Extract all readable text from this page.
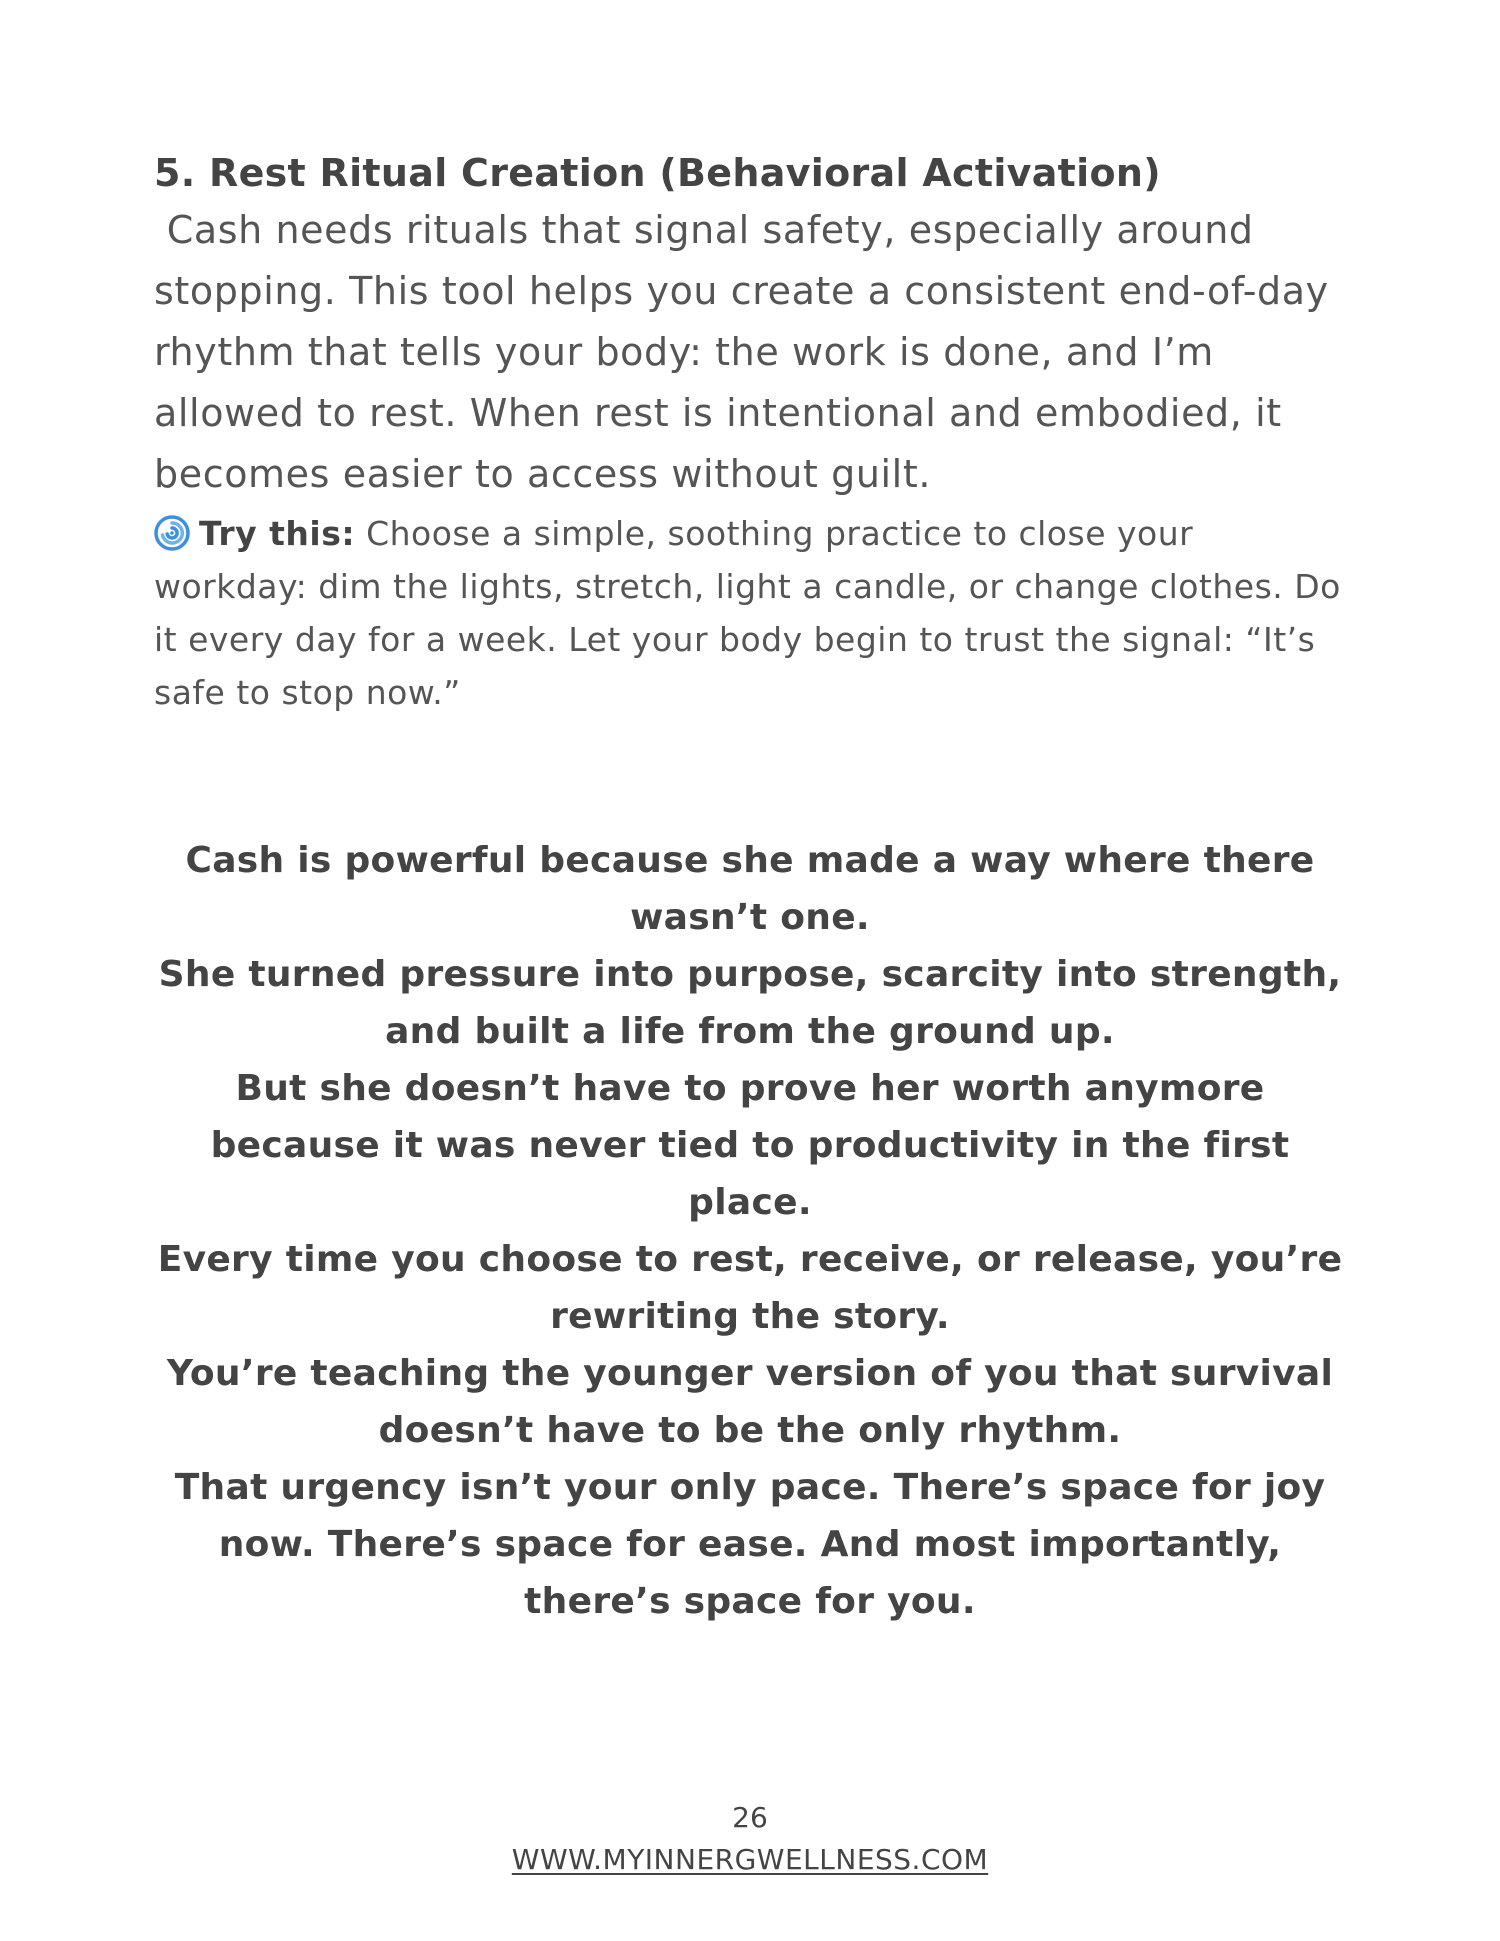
5. Rest Ritual Creation (Behavioral Activation)

Cash needs rituals that signal safety, especially around stopping. This tool helps you create a consistent end-of-day rhythm that tells your body: the work is done, and I’m allowed to rest. When rest is intentional and embodied, it becomes easier to access without guilt.

Try this: Choose a simple, soothing practice to close your workday: dim the lights, stretch, light a candle, or change clothes. Do it every day for a week. Let your body begin to trust the signal: “It’s safe to stop now.”

Cash is powerful because she made a way where there wasn’t one.

She turned pressure into purpose, scarcity into strength, and built a life from the ground up.

But she doesn’t have to prove her worth anymore because it was never tied to productivity in the first place.

Every time you choose to rest, receive, or release, you’re rewriting the story.

You’re teaching the younger version of you that survival doesn’t have to be the only rhythm.

That urgency isn’t your only pace. There’s space for joy now. There’s space for ease. And most importantly, there’s space for you.

26
WWW.MYINNERGWELLNESS.COM
